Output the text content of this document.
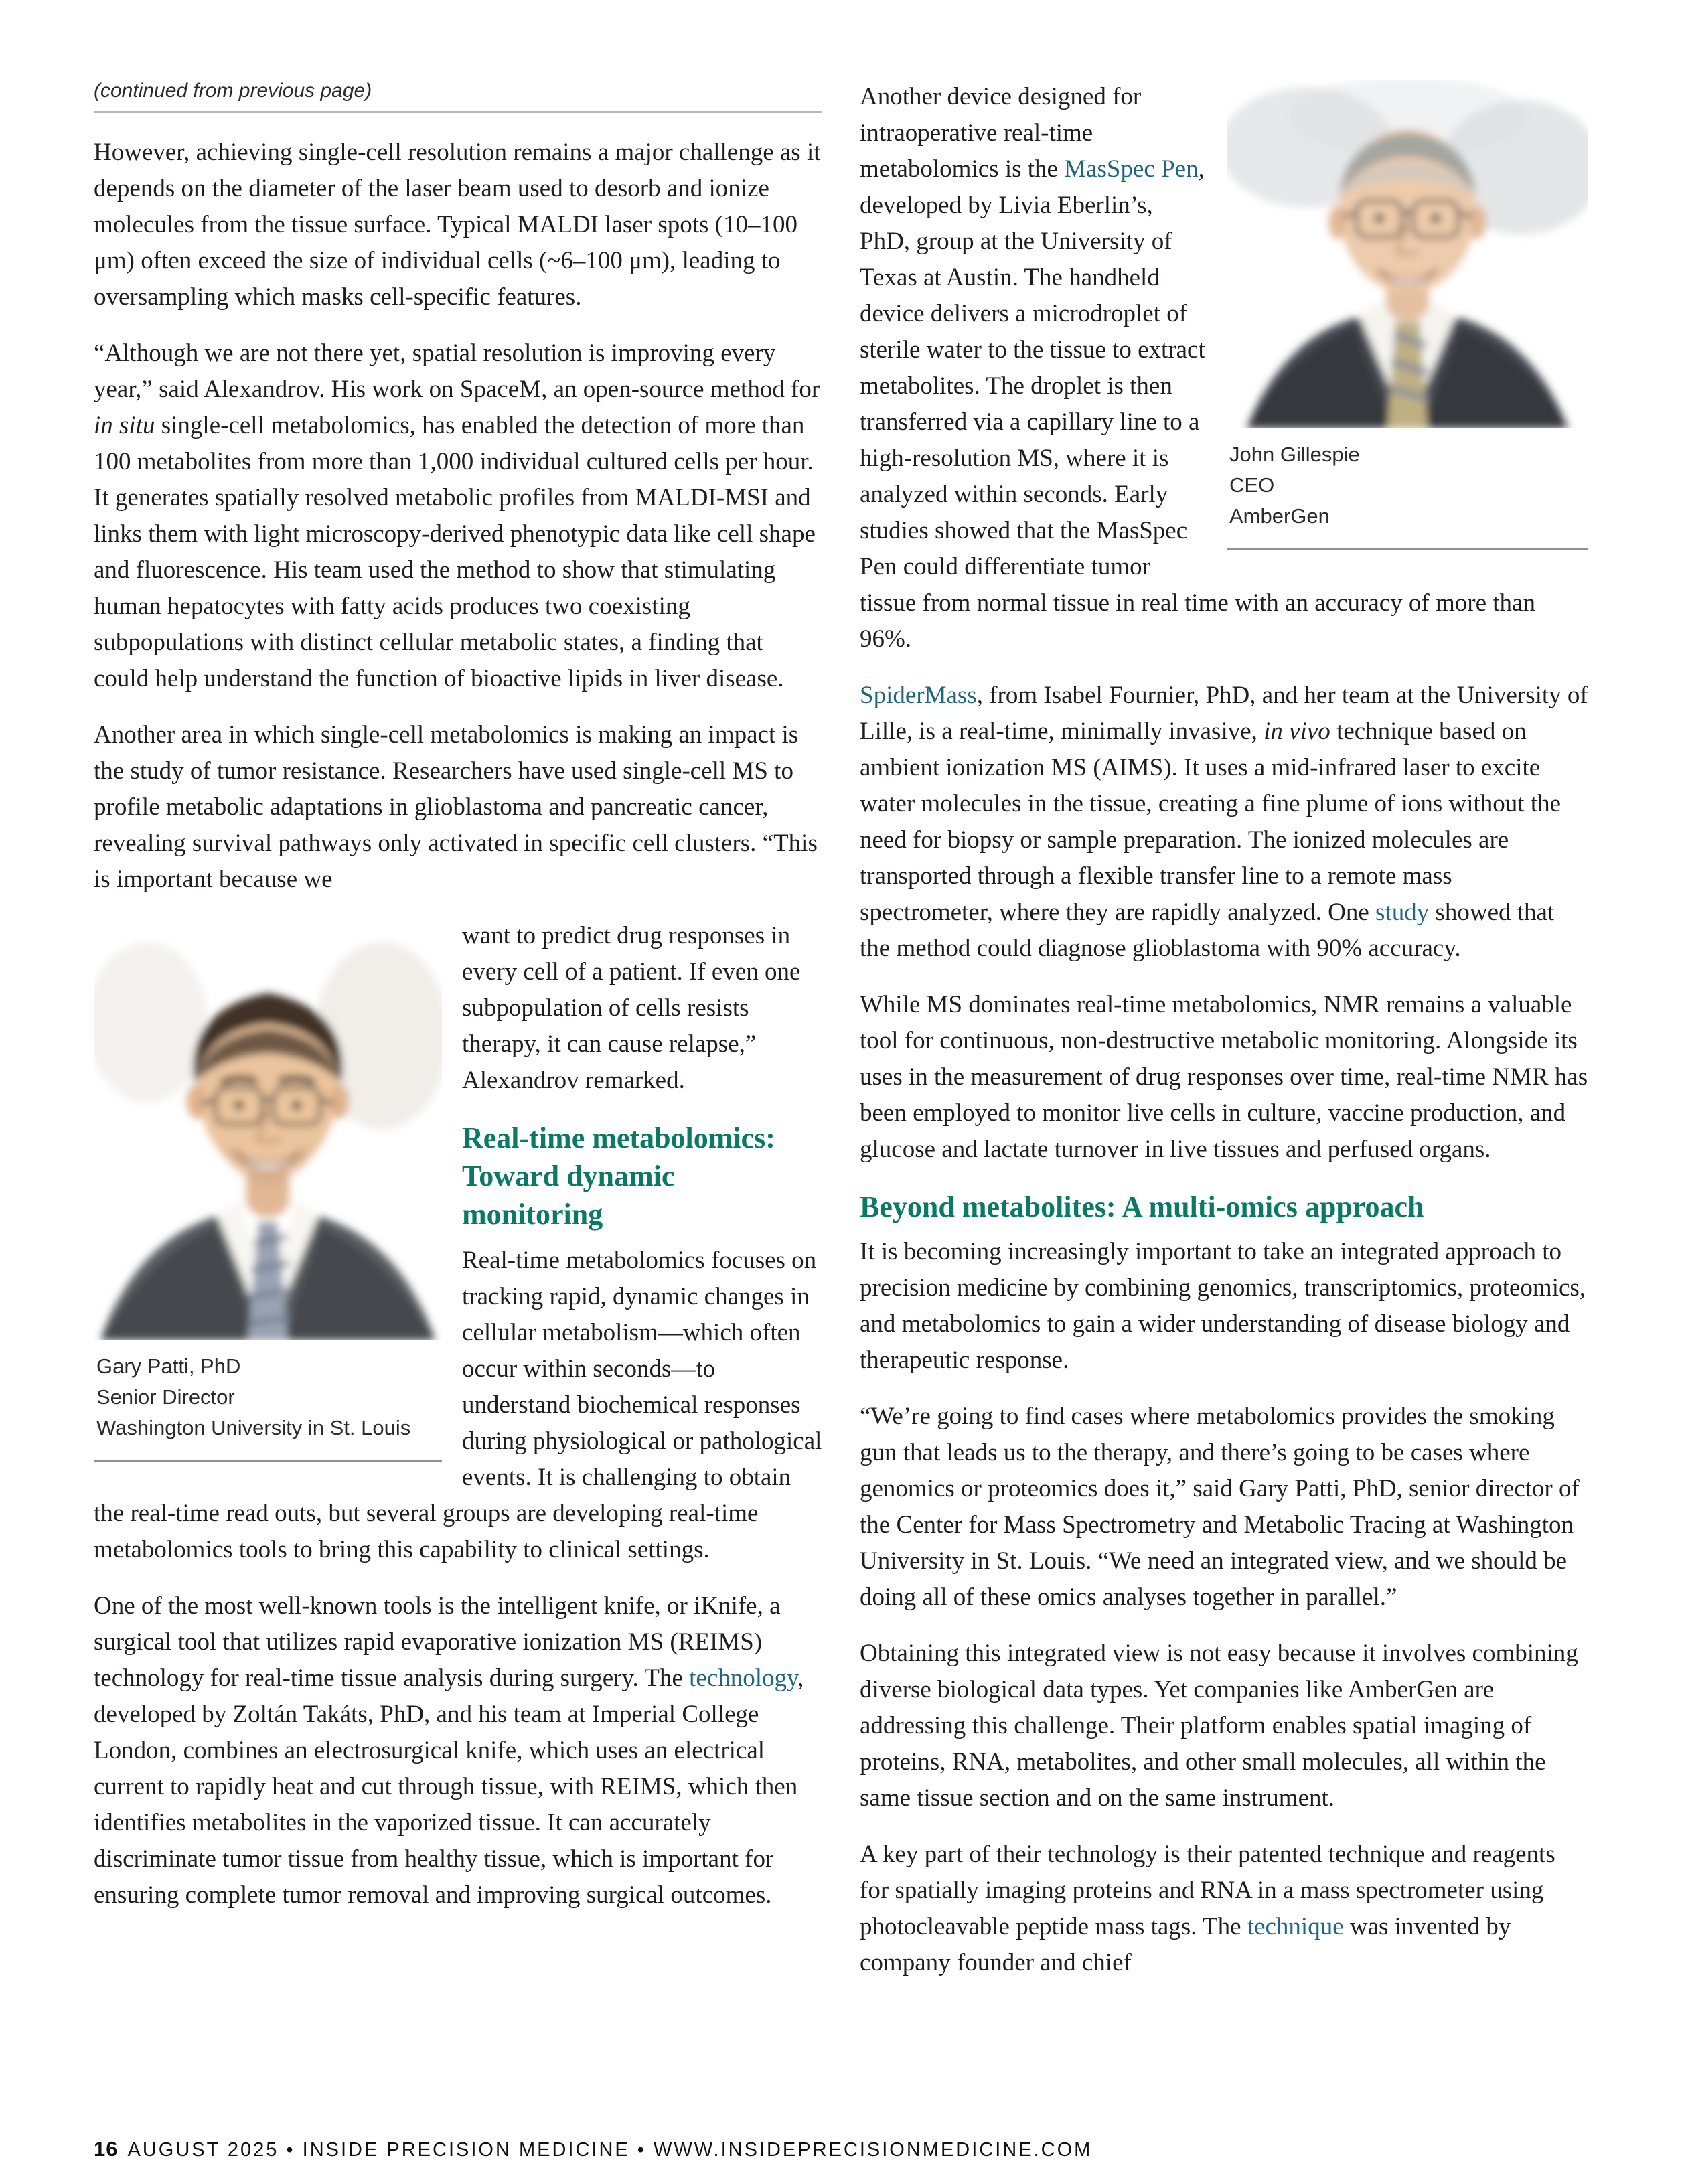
(continued from previous page)

However, achieving single-cell resolution remains a major challenge as it depends on the diameter of the laser beam used to desorb and ionize molecules from the tissue surface. Typical MALDI laser spots (10–100 μm) often exceed the size of individual cells (~6–100 μm), leading to oversampling which masks cell-specific features.

“Although we are not there yet, spatial resolution is improving every year,” said Alexandrov. His work on SpaceM, an open-source method for in situ single-cell metabolomics, has enabled the detection of more than 100 metabolites from more than 1,000 individual cultured cells per hour. It generates spatially resolved metabolic profiles from MALDI-MSI and links them with light microscopy-derived phenotypic data like cell shape and fluorescence. His team used the method to show that stimulating human hepatocytes with fatty acids produces two coexisting subpopulations with distinct cellular metabolic states, a finding that could help understand the function of bioactive lipids in liver disease.

Another area in which single-cell metabolomics is making an impact is the study of tumor resistance. Researchers have used single-cell MS to profile metabolic adaptations in glioblastoma and pancreatic cancer, revealing survival pathways only activated in specific cell clusters. “This is important because we

Gary Patti, PhD
Senior Director
Washington University in St. Louis

want to predict drug responses in every cell of a patient. If even one subpopulation of cells resists therapy, it can cause relapse,” Alexandrov remarked.

Real-time metabolomics: Toward dynamic monitoring

Real-time metabolomics focuses on tracking rapid, dynamic changes in cellular metabolism—which often occur within seconds—to understand biochemical responses during physiological or pathological events. It is challenging to obtain the real-time read outs, but several groups are developing real-time metabolomics tools to bring this capability to clinical settings.

One of the most well-known tools is the intelligent knife, or iKnife, a surgical tool that utilizes rapid evaporative ionization MS (REIMS) technology for real-time tissue analysis during surgery. The technology, developed by Zoltán Takáts, PhD, and his team at Imperial College London, combines an electrosurgical knife, which uses an electrical current to rapidly heat and cut through tissue, with REIMS, which then identifies metabolites in the vaporized tissue. It can accurately discriminate tumor tissue from healthy tissue, which is important for ensuring complete tumor removal and improving surgical outcomes.

John Gillespie
CEO
AmberGen

Another device designed for intraoperative real-time metabolomics is the MasSpec Pen, developed by Livia Eberlin’s, PhD, group at the University of Texas at Austin. The handheld device delivers a microdroplet of sterile water to the tissue to extract metabolites. The droplet is then transferred via a capillary line to a high-resolution MS, where it is analyzed within seconds. Early studies showed that the MasSpec Pen could differentiate tumor tissue from normal tissue in real time with an accuracy of more than 96%.

SpiderMass, from Isabel Fournier, PhD, and her team at the University of Lille, is a real-time, minimally invasive, in vivo technique based on ambient ionization MS (AIMS). It uses a mid-infrared laser to excite water molecules in the tissue, creating a fine plume of ions without the need for biopsy or sample preparation. The ionized molecules are transported through a flexible transfer line to a remote mass spectrometer, where they are rapidly analyzed. One study showed that the method could diagnose glioblastoma with 90% accuracy.

While MS dominates real-time metabolomics, NMR remains a valuable tool for continuous, non-destructive metabolic monitoring. Alongside its uses in the measurement of drug responses over time, real-time NMR has been employed to monitor live cells in culture, vaccine production, and glucose and lactate turnover in live tissues and perfused organs.

Beyond metabolites: A multi-omics approach

It is becoming increasingly important to take an integrated approach to precision medicine by combining genomics, transcriptomics, proteomics, and metabolomics to gain a wider understanding of disease biology and therapeutic response.

“We’re going to find cases where metabolomics provides the smoking gun that leads us to the therapy, and there’s going to be cases where genomics or proteomics does it,” said Gary Patti, PhD, senior director of the Center for Mass Spectrometry and Metabolic Tracing at Washington University in St. Louis. “We need an integrated view, and we should be doing all of these omics analyses together in parallel.”

Obtaining this integrated view is not easy because it involves combining diverse biological data types. Yet companies like AmberGen are addressing this challenge. Their platform enables spatial imaging of proteins, RNA, metabolites, and other small molecules, all within the same tissue section and on the same instrument.

A key part of their technology is their patented technique and reagents for spatially imaging proteins and RNA in a mass spectrometer using photocleavable peptide mass tags. The technique was invented by company founder and chief

16 AUGUST 2025 • INSIDE PRECISION MEDICINE • WWW.INSIDEPRECISIONMEDICINE.COM
